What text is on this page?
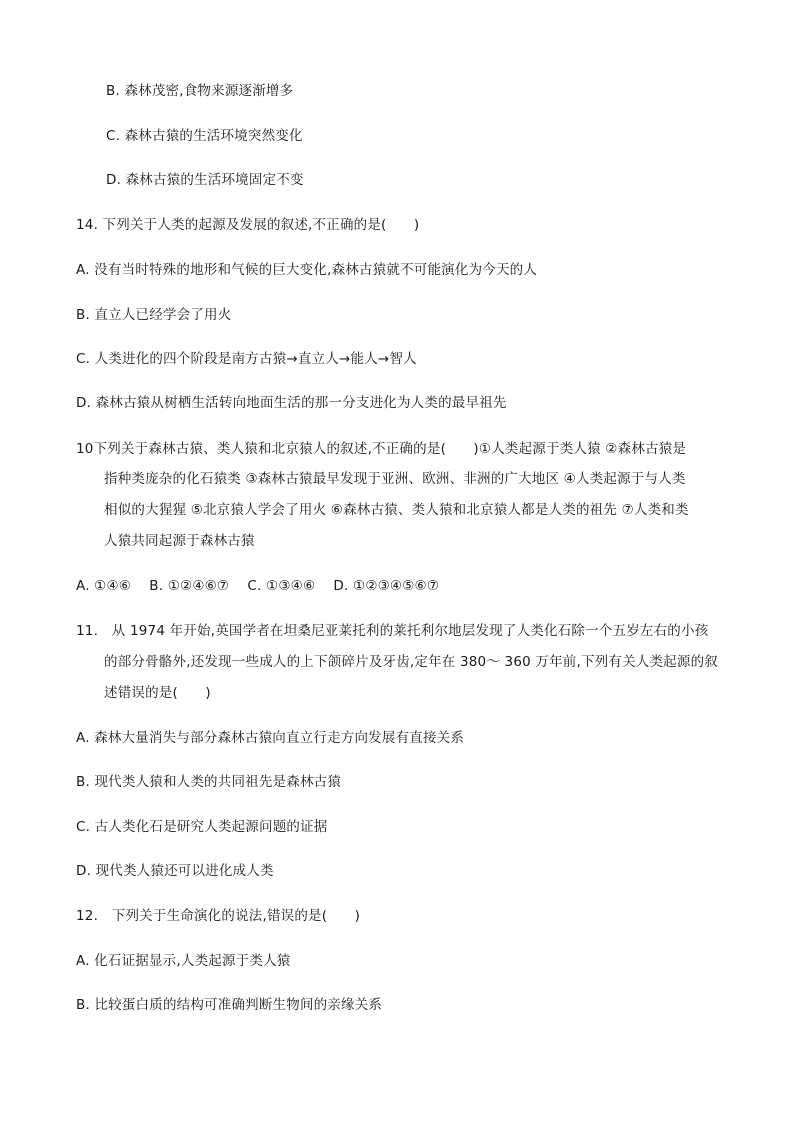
B. 森林茂密,食物来源逐渐增多
C. 森林古猿的生活环境突然变化
D. 森林古猿的生活环境固定不变
14. 下列关于人类的起源及发展的叙述,不正确的是(　　)
A. 没有当时特殊的地形和气候的巨大变化,森林古猿就不可能演化为今天的人
B. 直立人已经学会了用火
C. 人类进化的四个阶段是南方古猿→直立人→能人→智人
D. 森林古猿从树栖生活转向地面生活的那一分支进化为人类的最早祖先
10下列关于森林古猿、类人猿和北京猿人的叙述,不正确的是(　　)①人类起源于类人猿 ②森林古猿是
指种类庞杂的化石猿类 ③森林古猿最早发现于亚洲、欧洲、非洲的广大地区 ④人类起源于与人类
相似的大猩猩 ⑤北京猿人学会了用火 ⑥森林古猿、类人猿和北京猿人都是人类的祖先 ⑦人类和类
人猿共同起源于森林古猿
A. ①④⑥　 B. ①②④⑥⑦　 C. ①③④⑥　 D. ①②③④⑤⑥⑦
11.　从 1974 年开始,英国学者在坦桑尼亚莱托利的莱托利尔地层发现了人类化石除一个五岁左右的小孩
的部分骨骼外,还发现一些成人的上下颌碎片及牙齿,定年在 380～ 360 万年前,下列有关人类起源的叙
述错误的是(　　)
A. 森林大量消失与部分森林古猿向直立行走方向发展有直接关系
B. 现代类人猿和人类的共同祖先是森林古猿
C. 古人类化石是研究人类起源问题的证据
D. 现代类人猿还可以进化成人类
12.　下列关于生命演化的说法,错误的是(　　)
A. 化石证据显示,人类起源于类人猿
B. 比较蛋白质的结构可准确判断生物间的亲缘关系
